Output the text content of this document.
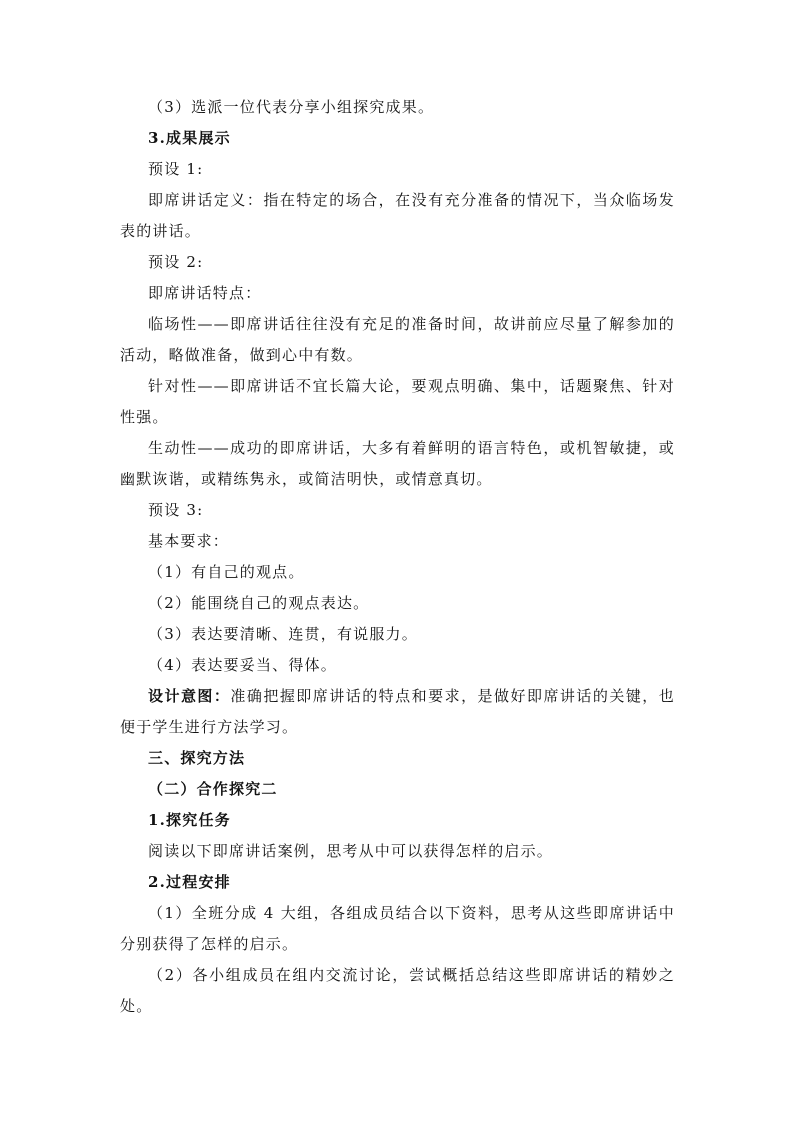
（3）选派一位代表分享小组探究成果。

3.成果展示

预设 1:

即席讲话定义：指在特定的场合，在没有充分准备的情况下，当众临场发表的讲话。

预设 2:

即席讲话特点：

临场性——即席讲话往往没有充足的准备时间，故讲前应尽量了解参加的活动，略做准备，做到心中有数。

针对性——即席讲话不宜长篇大论，要观点明确、集中，话题聚焦、针对性强。

生动性——成功的即席讲话，大多有着鲜明的语言特色，或机智敏捷，或幽默诙谐，或精练隽永，或简洁明快，或情意真切。

预设 3:

基本要求：

（1）有自己的观点。

（2）能围绕自己的观点表达。

（3）表达要清晰、连贯，有说服力。

（4）表达要妥当、得体。

设计意图：准确把握即席讲话的特点和要求，是做好即席讲话的关键，也便于学生进行方法学习。

三、探究方法

（二）合作探究二

1.探究任务

阅读以下即席讲话案例，思考从中可以获得怎样的启示。

2.过程安排

（1）全班分成 4 大组，各组成员结合以下资料，思考从这些即席讲话中分别获得了怎样的启示。

（2）各小组成员在组内交流讨论，尝试概括总结这些即席讲话的精妙之处。
